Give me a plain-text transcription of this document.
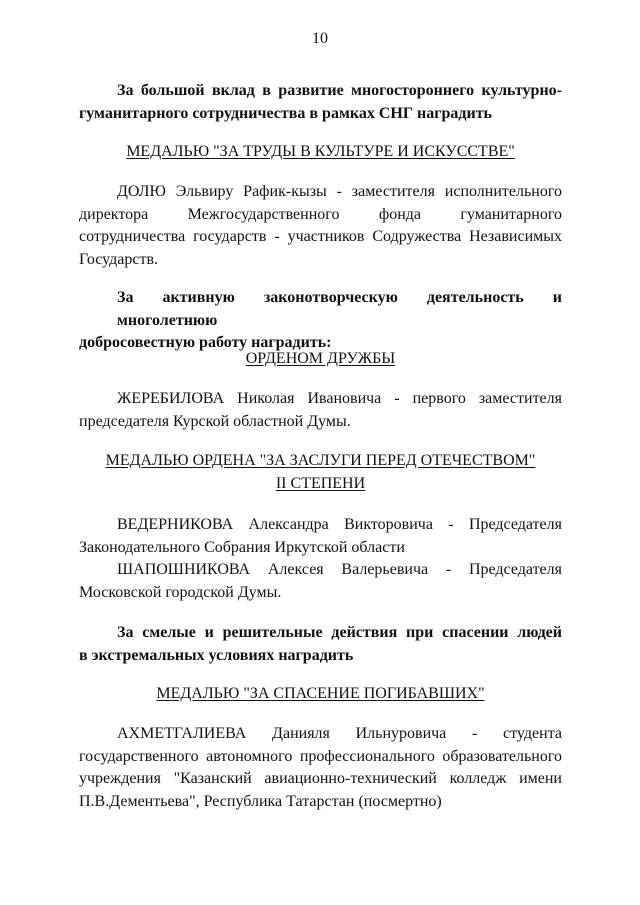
10
За большой вклад в развитие многостороннего культурно-
гуманитарного сотрудничества в рамках СНГ наградить
МЕДАЛЬЮ "ЗА ТРУДЫ В КУЛЬТУРЕ И ИСКУССТВЕ"
ДОЛЮ Эльвиру Рафик-кызы - заместителя исполнительного
директора Межгосударственного фонда гуманитарного
сотрудничества государств - участников Содружества Независимых
Государств.
За активную законотворческую деятельность и многолетнюю
добросовестную работу наградить:
ОРДЕНОМ ДРУЖБЫ
ЖЕРЕБИЛОВА Николая Ивановича - первого заместителя
председателя Курской областной Думы.
МЕДАЛЬЮ ОРДЕНА "ЗА ЗАСЛУГИ ПЕРЕД ОТЕЧЕСТВОМ"
II СТЕПЕНИ
ВЕДЕРНИКОВА Александра Викторовича - Председателя
Законодательного Собрания Иркутской области
ШАПОШНИКОВА Алексея Валерьевича - Председателя
Московской городской Думы.
За смелые и решительные действия при спасении людей
в экстремальных условиях наградить
МЕДАЛЬЮ "ЗА СПАСЕНИЕ ПОГИБАВШИХ"
АХМЕТГАЛИЕВА Данияля Ильнуровича - студента
государственного автономного профессионального образовательного
учреждения "Казанский авиационно-технический колледж имени
П.В.Дементьева", Республика Татарстан (посмертно)
